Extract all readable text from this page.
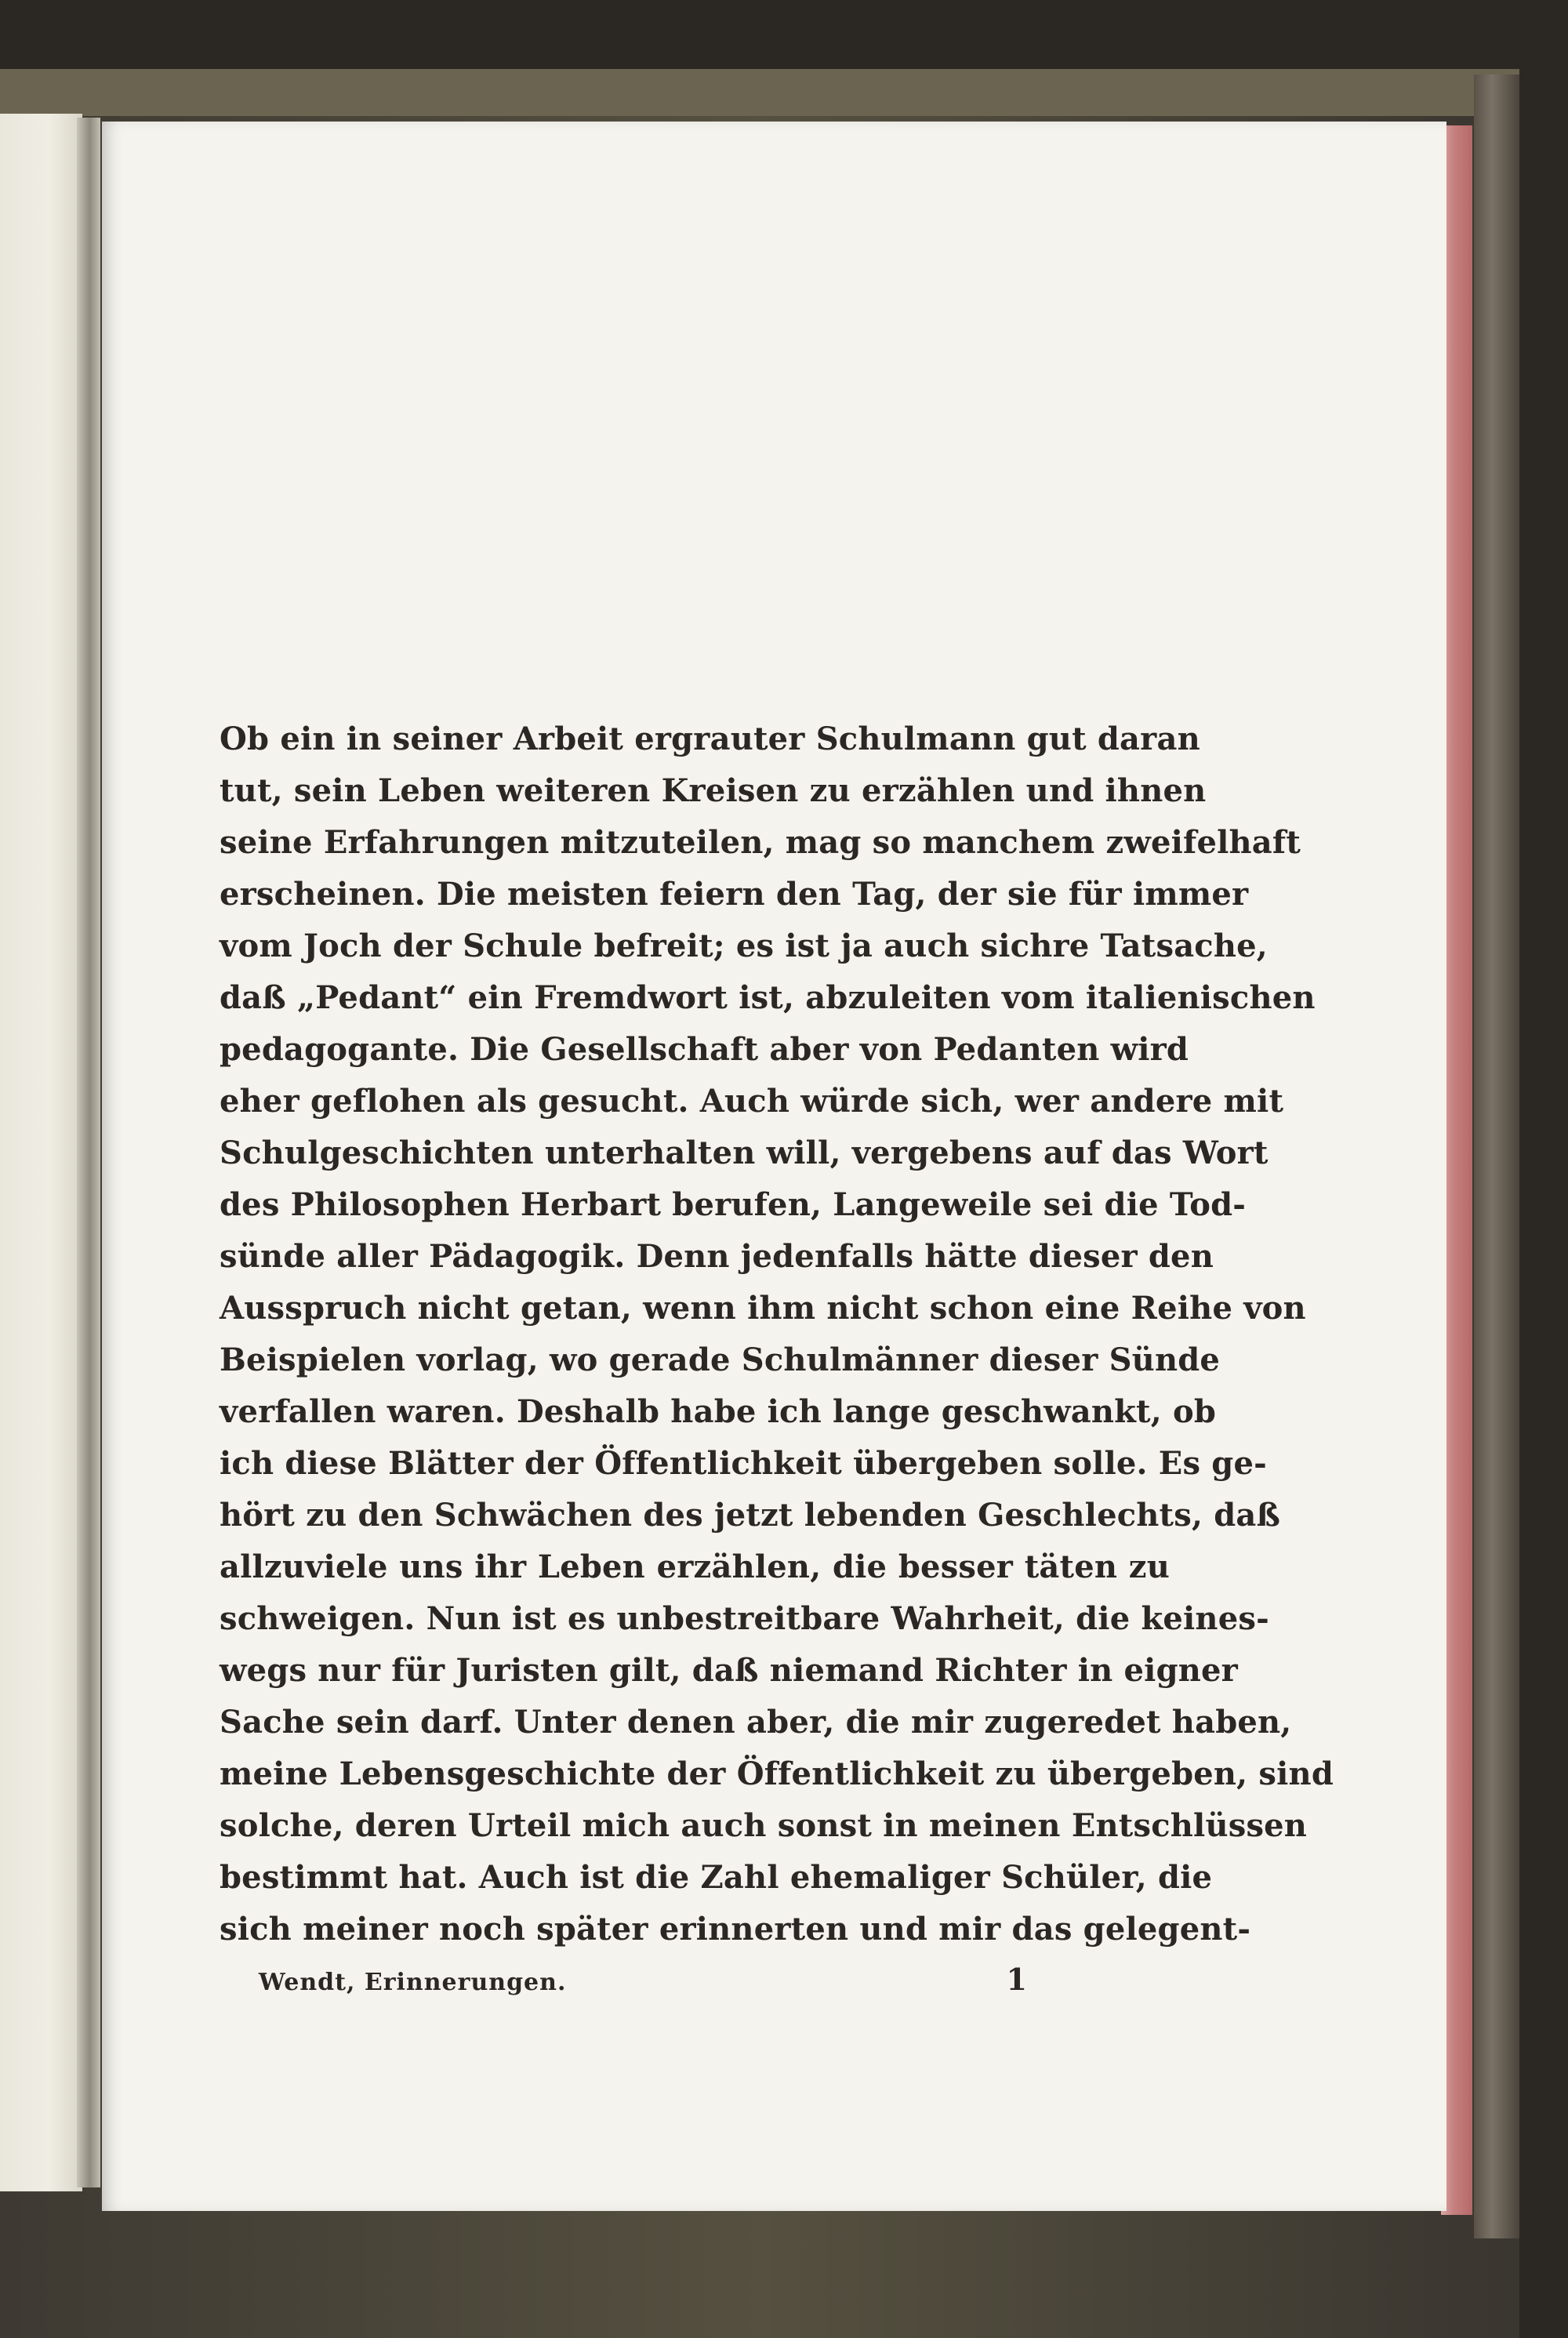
Ob ein in seiner Arbeit ergrauter Schulmann gut daran
tut, sein Leben weiteren Kreisen zu erzählen und ihnen
seine Erfahrungen mitzuteilen, mag so manchem zweifelhaft
erscheinen. Die meisten feiern den Tag, der sie für immer
vom Joch der Schule befreit; es ist ja auch sichre Tatsache,
daß „Pedant“ ein Fremdwort ist, abzuleiten vom italienischen
pedagogante. Die Gesellschaft aber von Pedanten wird
eher geflohen als gesucht. Auch würde sich, wer andere mit
Schulgeschichten unterhalten will, vergebens auf das Wort
des Philosophen Herbart berufen, Langeweile sei die Tod-
sünde aller Pädagogik. Denn jedenfalls hätte dieser den
Ausspruch nicht getan, wenn ihm nicht schon eine Reihe von
Beispielen vorlag, wo gerade Schulmänner dieser Sünde
verfallen waren. Deshalb habe ich lange geschwankt, ob
ich diese Blätter der Öffentlichkeit übergeben solle. Es ge-
hört zu den Schwächen des jetzt lebenden Geschlechts, daß
allzuviele uns ihr Leben erzählen, die besser täten zu
schweigen. Nun ist es unbestreitbare Wahrheit, die keines-
wegs nur für Juristen gilt, daß niemand Richter in eigner
Sache sein darf. Unter denen aber, die mir zugeredet haben,
meine Lebensgeschichte der Öffentlichkeit zu übergeben, sind
solche, deren Urteil mich auch sonst in meinen Entschlüssen
bestimmt hat. Auch ist die Zahl ehemaliger Schüler, die
sich meiner noch später erinnerten und mir das gelegent-
Wendt, Erinnerungen.	1
